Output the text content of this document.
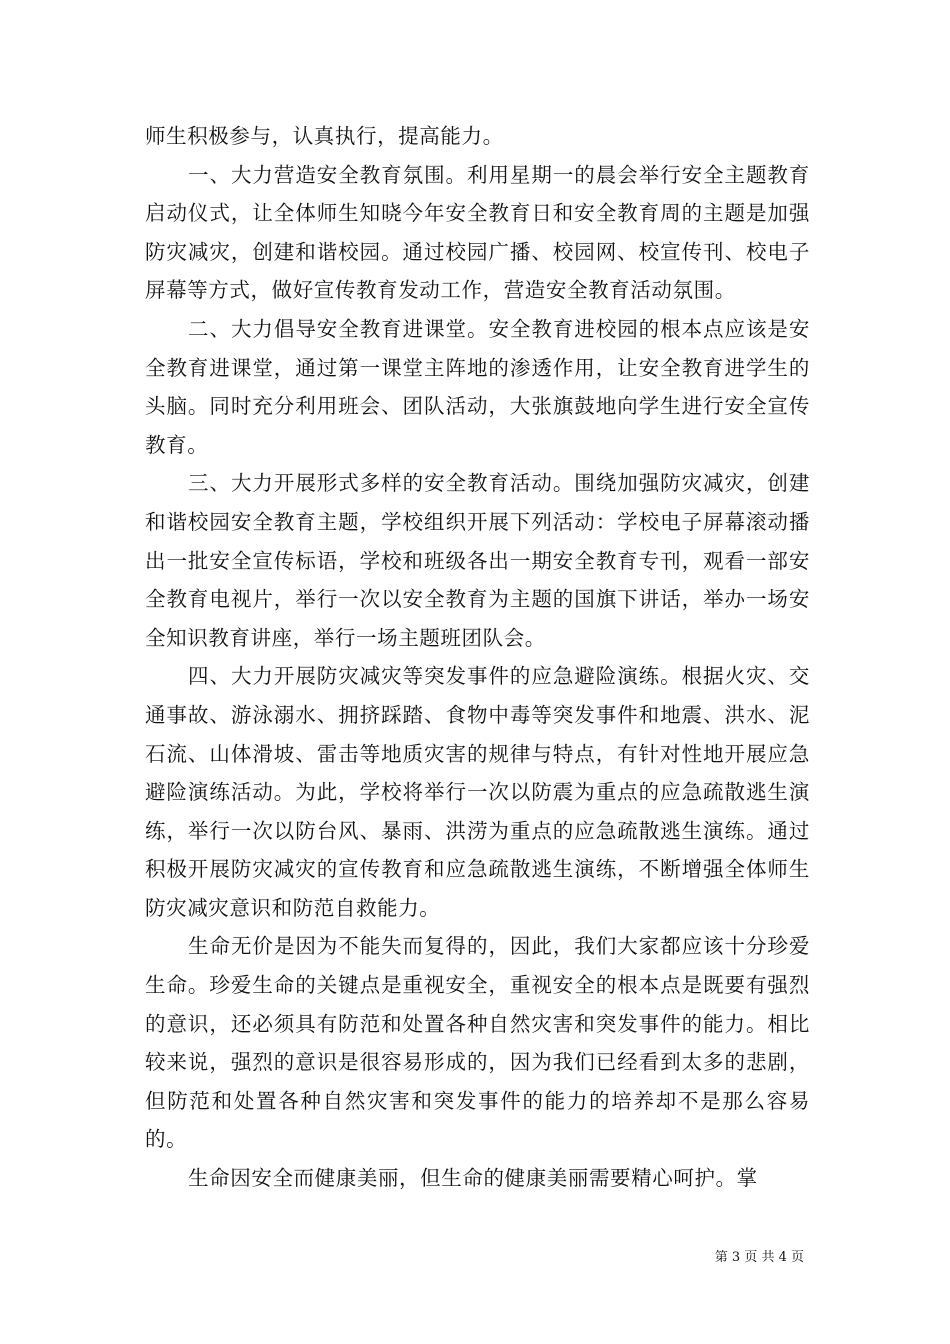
师生积极参与，认真执行，提高能力。

一、大力营造安全教育氛围。利用星期一的晨会举行安全主题教育启动仪式，让全体师生知晓今年安全教育日和安全教育周的主题是加强防灾减灾，创建和谐校园。通过校园广播、校园网、校宣传刊、校电子屏幕等方式，做好宣传教育发动工作，营造安全教育活动氛围。

二、大力倡导安全教育进课堂。安全教育进校园的根本点应该是安全教育进课堂，通过第一课堂主阵地的渗透作用，让安全教育进学生的头脑。同时充分利用班会、团队活动，大张旗鼓地向学生进行安全宣传教育。

三、大力开展形式多样的安全教育活动。围绕加强防灾减灾，创建和谐校园安全教育主题，学校组织开展下列活动：学校电子屏幕滚动播出一批安全宣传标语，学校和班级各出一期安全教育专刊，观看一部安全教育电视片，举行一次以安全教育为主题的国旗下讲话，举办一场安全知识教育讲座，举行一场主题班团队会。

四、大力开展防灾减灾等突发事件的应急避险演练。根据火灾、交通事故、游泳溺水、拥挤踩踏、食物中毒等突发事件和地震、洪水、泥石流、山体滑坡、雷击等地质灾害的规律与特点，有针对性地开展应急避险演练活动。为此，学校将举行一次以防震为重点的应急疏散逃生演练，举行一次以防台风、暴雨、洪涝为重点的应急疏散逃生演练。通过积极开展防灾减灾的宣传教育和应急疏散逃生演练，不断增强全体师生防灾减灾意识和防范自救能力。

生命无价是因为不能失而复得的，因此，我们大家都应该十分珍爱生命。珍爱生命的关键点是重视安全，重视安全的根本点是既要有强烈的意识，还必须具有防范和处置各种自然灾害和突发事件的能力。相比较来说，强烈的意识是很容易形成的，因为我们已经看到太多的悲剧，但防范和处置各种自然灾害和突发事件的能力的培养却不是那么容易的。

生命因安全而健康美丽，但生命的健康美丽需要精心呵护。掌

第 3 页 共 4 页
